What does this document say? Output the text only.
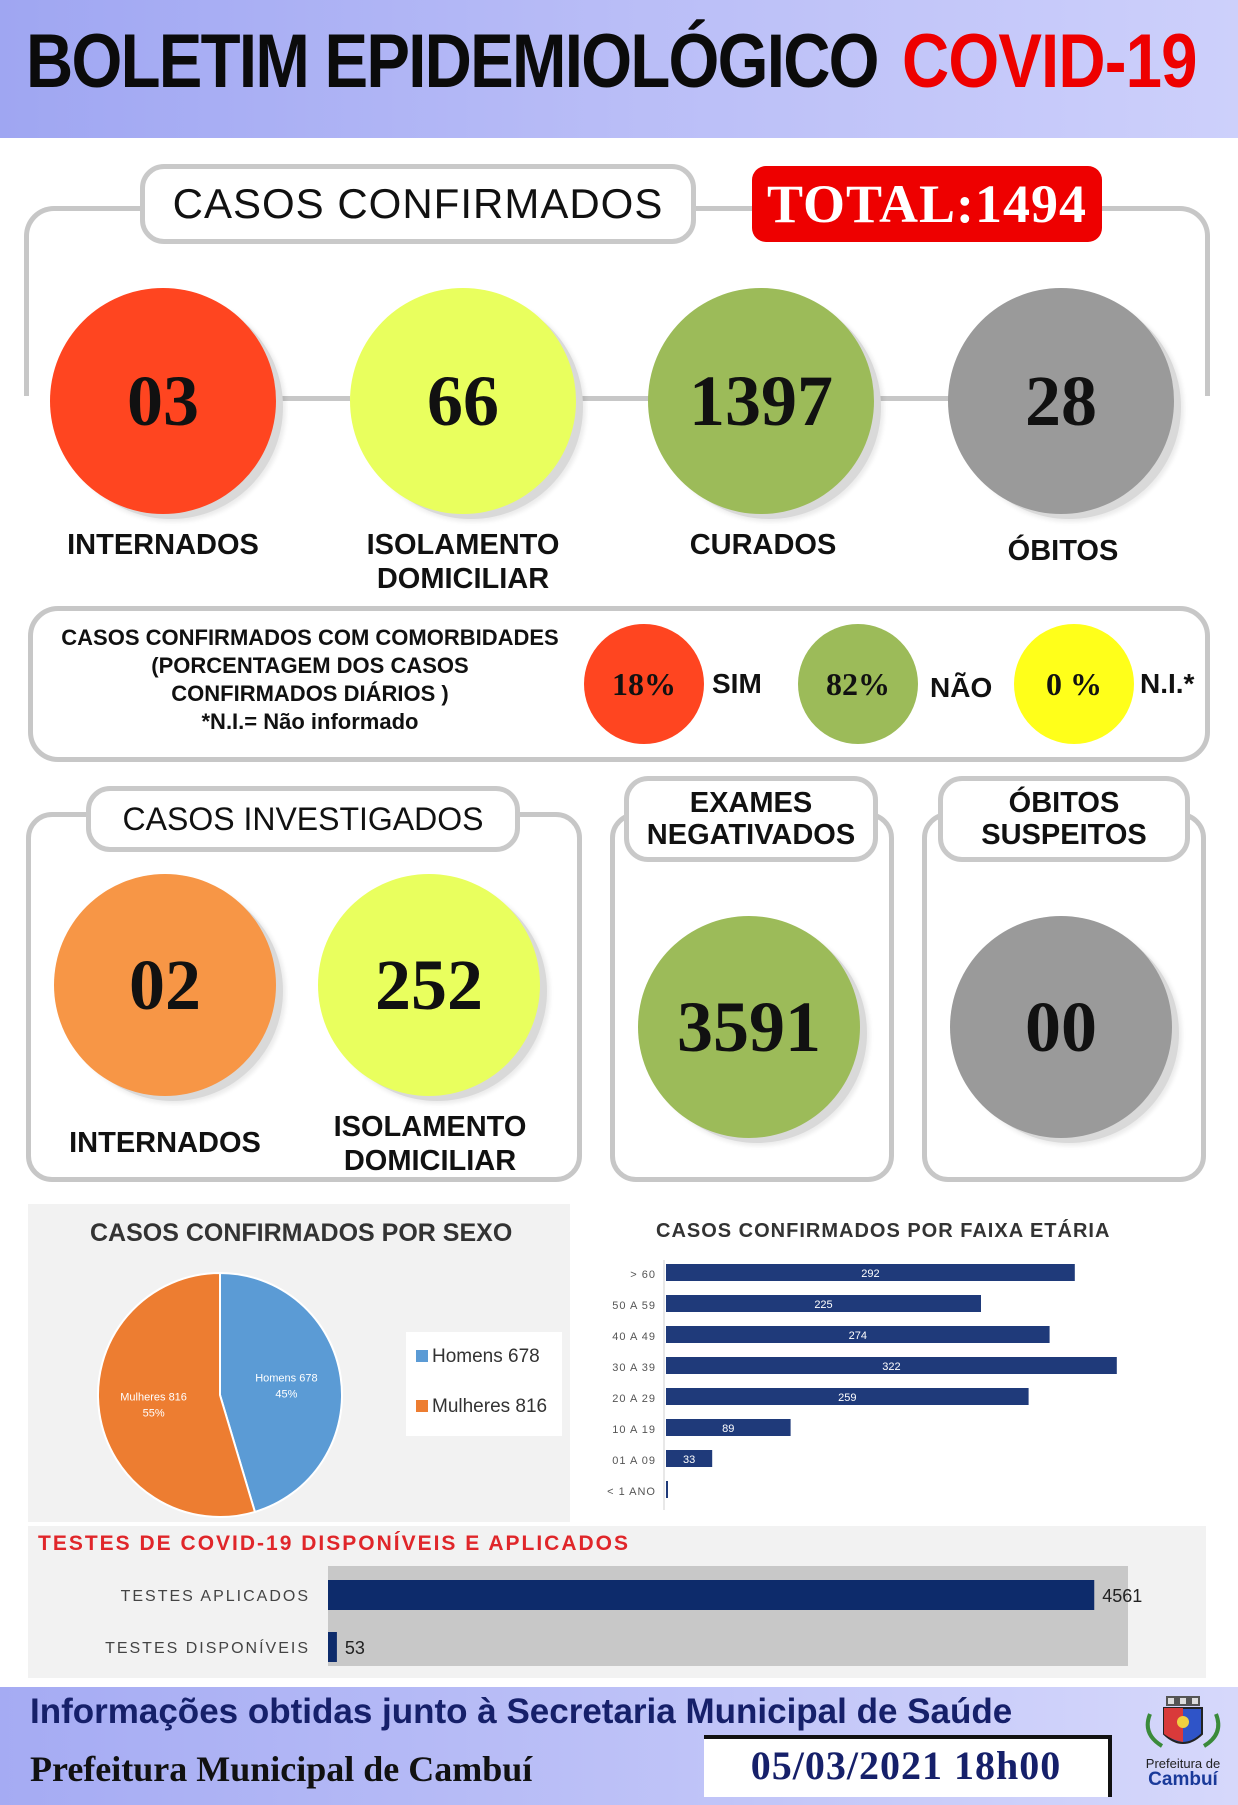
BOLETIM EPIDEMIOLÓGICO COVID-19
CASOS CONFIRMADOS TOTAL:1494
03	66	1397	28
INTERNADOS	ISOLAMENTO
DOMICILIAR
CURADOS	ÓBITOS
CASOS CONFIRMADOS COM COMORBIDADES
(PORCENTAGEM DOS CASOS
CONFIRMADOS DIÁRIOS )
*N.I.= Não informado
18% SIM 82% NÃO 0 % N.I.*
CASOS INVESTIGADOS
02 252
INTERNADOS	ISOLAMENTO
DOMICILIAR
EXAMES
NEGATIVADOS
3591
ÓBITOS
SUSPEITOS
00
CASOS CONFIRMADOS POR SEXO
Homens 678
45%
Mulheres 816
55%
Homens 678
Mulheres 816
CASOS CONFIRMADOS POR FAIXA ETÁRIA
> 60	292
50 A 59	225
40 A 49	274
30 A 39	322
20 A 29	259
10 A 19	89
01 A 09 33
< 1 ANO
TESTES DE COVID-19 DISPONÍVEIS E APLICADOS
TESTES APLICADOS	4561
TESTES DISPONÍVEIS 53
Informações obtidas junto à Secretaria Municipal de Saúde
Prefeitura Municipal de Cambuí	05/03/2021 18h00	Prefeitura de
Cambuí
